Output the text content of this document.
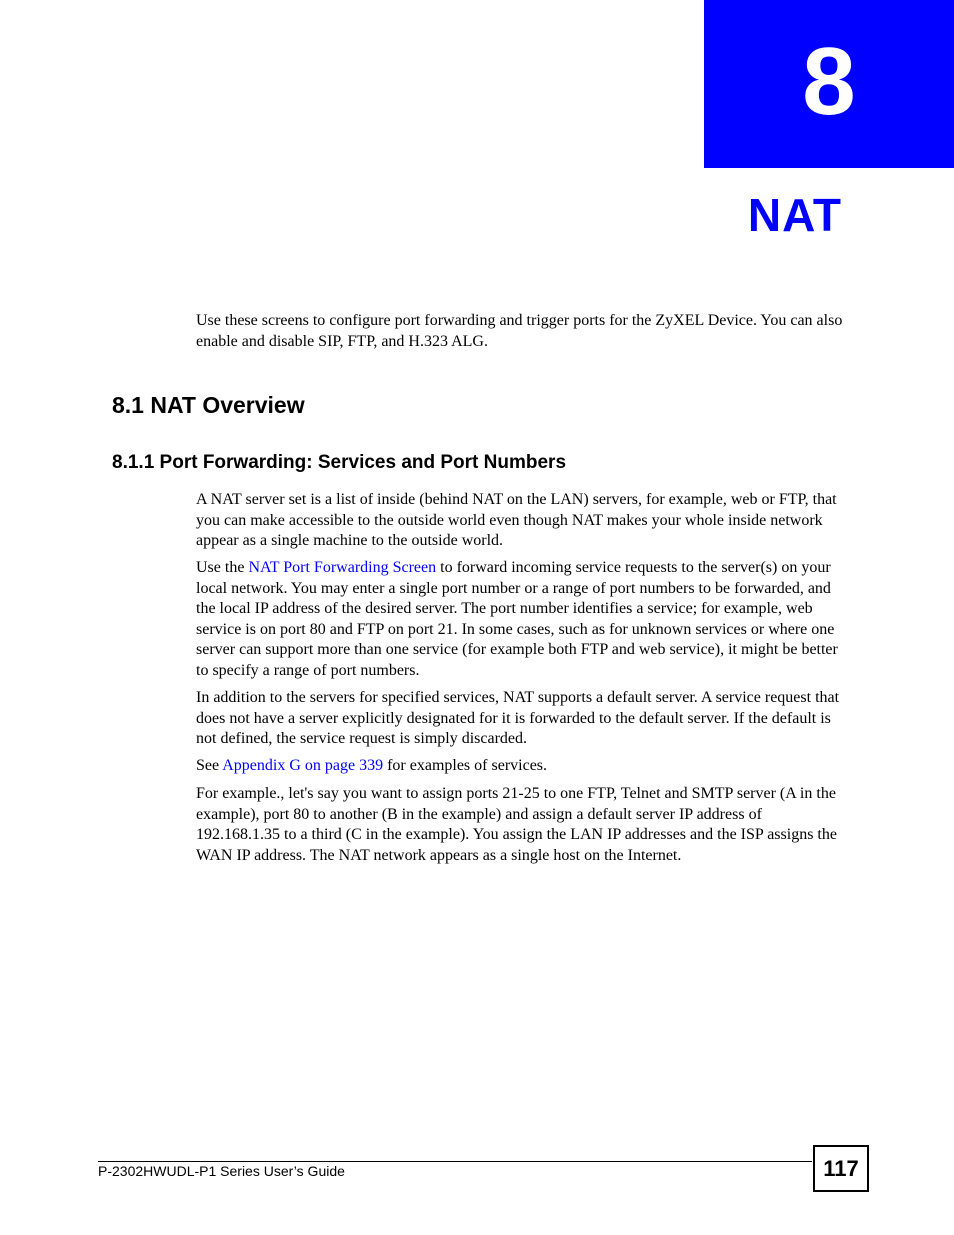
8
NAT

Use these screens to configure port forwarding and trigger ports for the ZyXEL Device. You can also enable and disable SIP, FTP, and H.323 ALG.

8.1 NAT Overview
8.1.1 Port Forwarding: Services and Port Numbers

A NAT server set is a list of inside (behind NAT on the LAN) servers, for example, web or FTP, that you can make accessible to the outside world even though NAT makes your whole inside network appear as a single machine to the outside world.

Use the NAT Port Forwarding Screen to forward incoming service requests to the server(s) on your local network. You may enter a single port number or a range of port numbers to be forwarded, and the local IP address of the desired server. The port number identifies a service; for example, web service is on port 80 and FTP on port 21. In some cases, such as for unknown services or where one server can support more than one service (for example both FTP and web service), it might be better to specify a range of port numbers.

In addition to the servers for specified services, NAT supports a default server. A service request that does not have a server explicitly designated for it is forwarded to the default server. If the default is not defined, the service request is simply discarded.

See Appendix G on page 339 for examples of services.

For example., let's say you want to assign ports 21-25 to one FTP, Telnet and SMTP server (A in the example), port 80 to another (B in the example) and assign a default server IP address of 192.168.1.35 to a third (C in the example). You assign the LAN IP addresses and the ISP assigns the WAN IP address. The NAT network appears as a single host on the Internet.

P-2302HWUDL-P1 Series User’s Guide	117
